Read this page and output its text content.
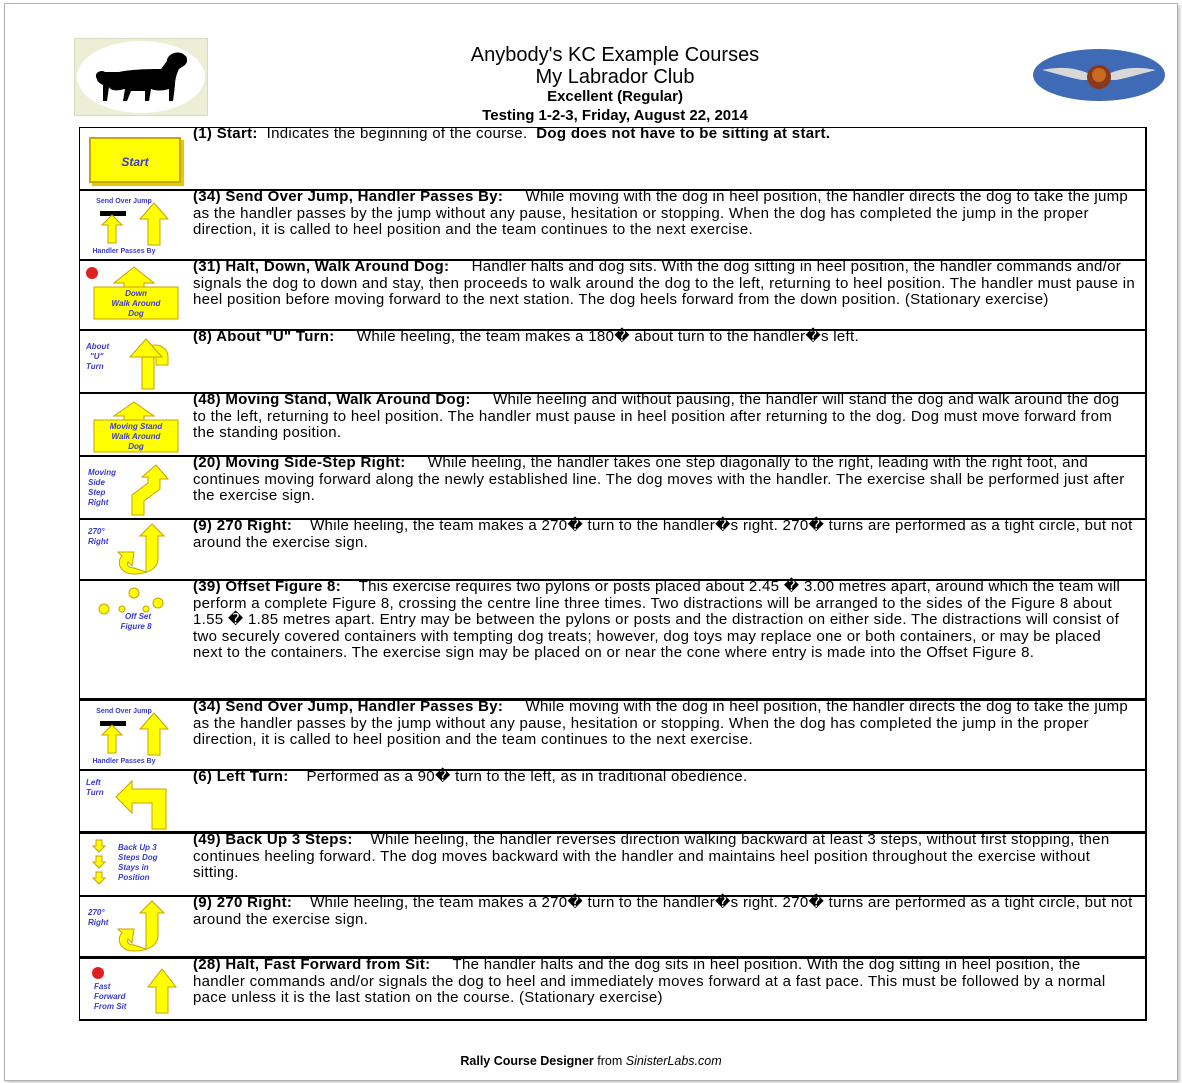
Anybody's KC Example Courses
My Labrador Club
Excellent (Regular)
Testing 1-2-3, Friday, August 22, 2014
Start
(1) Start: Indicates the beginning of the course. Dog does not have to be sitting at start.
Send Over Jump
Handler Passes By
(34) Send Over Jump, Handler Passes By: While moving with the dog in heel position, the handler directs the dog to take the jump as the handler passes by the jump without any pause, hesitation or stopping. When the dog has completed the jump in the proper direction, it is called to heel position and the team continues to the next exercise.
Down
Walk Around
Dog
(31) Halt, Down, Walk Around Dog: Handler halts and dog sits. With the dog sitting in heel position, the handler commands and/or signals the dog to down and stay, then proceeds to walk around the dog to the left, returning to heel position. The handler must pause in heel position before moving forward to the next station. The dog heels forward from the down position. (Stationary exercise)
About
"U"
Turn
(8) About "U" Turn: While heeling, the team makes a 180� about turn to the handler�s left.
Moving Stand
Walk Around
Dog
(48) Moving Stand, Walk Around Dog: While heeling and without pausing, the handler will stand the dog and walk around the dog to the left, returning to heel position. The handler must pause in heel position after returning to the dog. Dog must move forward from the standing position.
Moving
Side
Step
Right
(20) Moving Side-Step Right: While heeling, the handler takes one step diagonally to the right, leading with the right foot, and continues moving forward along the newly established line. The dog moves with the handler. The exercise shall be performed just after the exercise sign.
270°
Right
(9) 270 Right: While heeling, the team makes a 270� turn to the handler�s right. 270� turns are performed as a tight circle, but not around the exercise sign.
Off Set
Figure 8
(39) Offset Figure 8: This exercise requires two pylons or posts placed about 2.45 � 3.00 metres apart, around which the team will perform a complete Figure 8, crossing the centre line three times. Two distractions will be arranged to the sides of the Figure 8 about 1.55 � 1.85 metres apart. Entry may be between the pylons or posts and the distraction on either side. The distractions will consist of two securely covered containers with tempting dog treats; however, dog toys may replace one or both containers, or may be placed next to the containers. The exercise sign may be placed on or near the cone where entry is made into the Offset Figure 8.
Send Over Jump
Handler Passes By
(34) Send Over Jump, Handler Passes By: While moving with the dog in heel position, the handler directs the dog to take the jump as the handler passes by the jump without any pause, hesitation or stopping. When the dog has completed the jump in the proper direction, it is called to heel position and the team continues to the next exercise.
Left
Turn
(6) Left Turn: Performed as a 90� turn to the left, as in traditional obedience.
Back Up 3
Steps Dog
Stays in
Position
(49) Back Up 3 Steps: While heeling, the handler reverses direction walking backward at least 3 steps, without first stopping, then continues heeling forward. The dog moves backward with the handler and maintains heel position throughout the exercise without sitting.
270°
Right
(9) 270 Right: While heeling, the team makes a 270� turn to the handler�s right. 270� turns are performed as a tight circle, but not around the exercise sign.
Fast
Forward
From Sit
(28) Halt, Fast Forward from Sit: The handler halts and the dog sits in heel position. With the dog sitting in heel position, the handler commands and/or signals the dog to heel and immediately moves forward at a fast pace. This must be followed by a normal pace unless it is the last station on the course. (Stationary exercise)
Rally Course Designer from SinisterLabs.com
